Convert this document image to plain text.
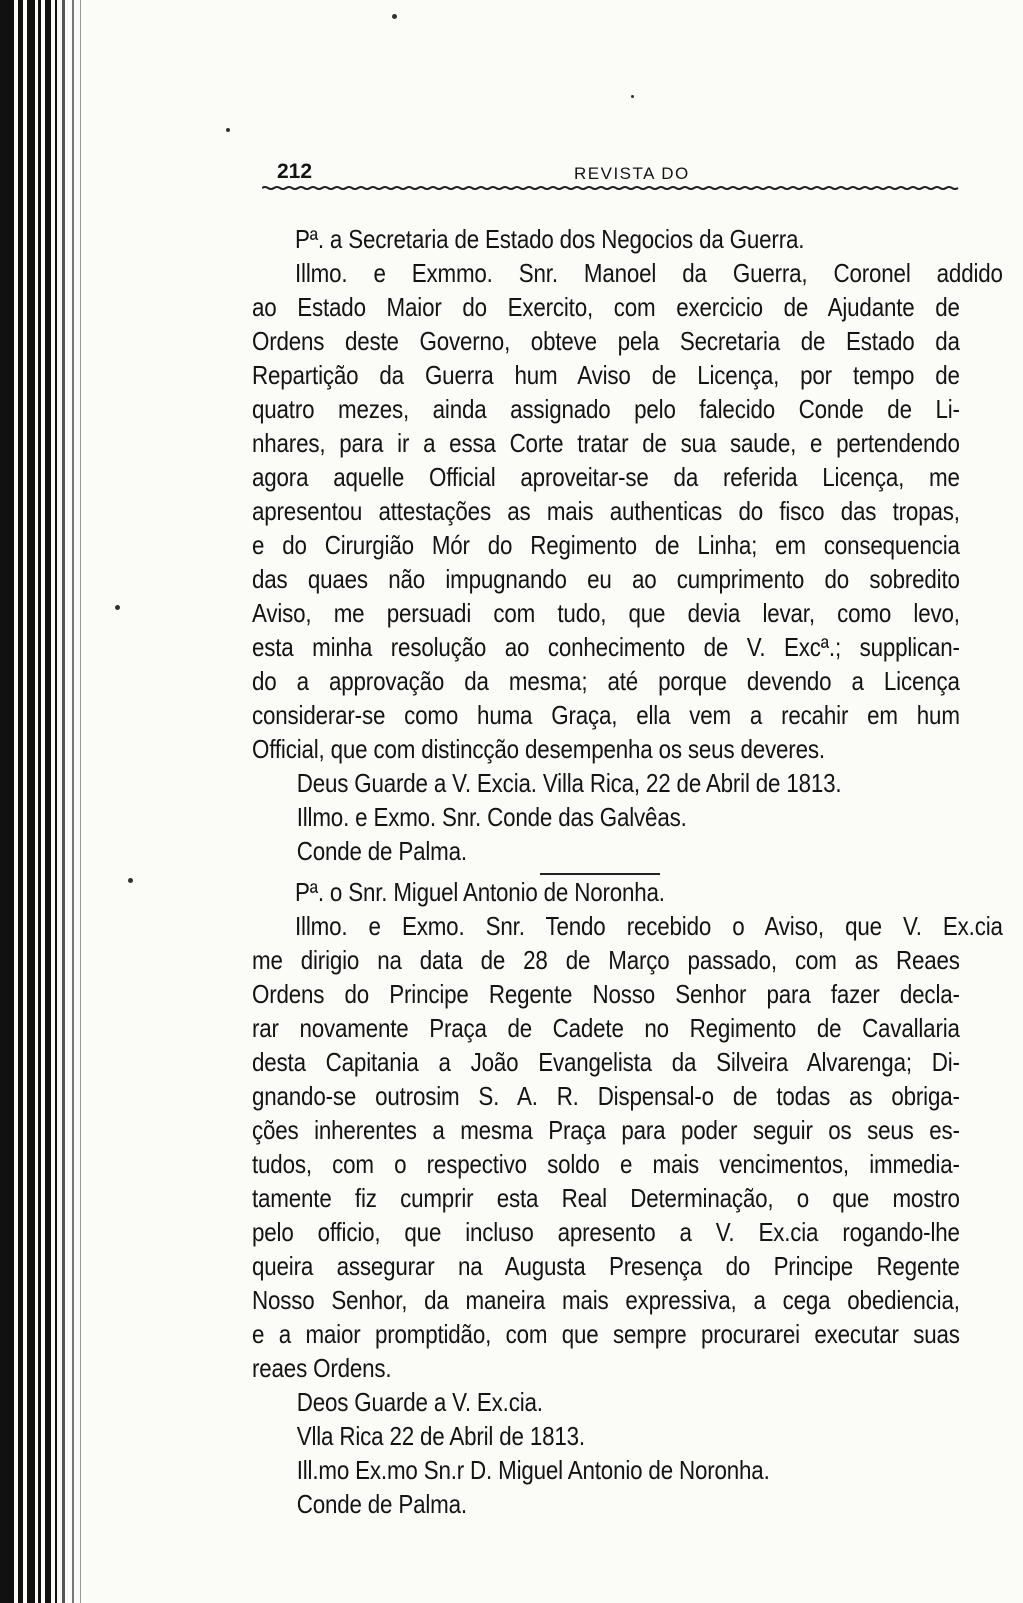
212	REVISTA DO

Pª. a Secretaria de Estado dos Negocios da Guerra.

Illmo. e Exmmo. Snr. Manoel da Guerra, Coronel addido

ao Estado Maior do Exercito, com exercicio de Ajudante de

Ordens deste Governo, obteve pela Secretaria de Estado da

Repartição da Guerra hum Aviso de Licença, por tempo de

quatro mezes, ainda assignado pelo falecido Conde de Li-

nhares, para ir a essa Corte tratar de sua saude, e pertendendo

agora aquelle Official aproveitar-se da referida Licença, me

apresentou attestações as mais authenticas do fisco das tropas,

e do Cirurgião Mór do Regimento de Linha; em consequencia

das quaes não impugnando eu ao cumprimento do sobredito

Aviso, me persuadi com tudo, que devia levar, como levo,

esta minha resolução ao conhecimento de V. Excª.; supplican-

do a approvação da mesma; até porque devendo a Licença

considerar-se como huma Graça, ella vem a recahir em hum

Official, que com distincção desempenha os seus deveres.

Deus Guarde a V. Excia. Villa Rica, 22 de Abril de 1813.

Illmo. e Exmo. Snr. Conde das Galvêas.

Conde de Palma.

Pª. o Snr. Miguel Antonio de Noronha.

Illmo. e Exmo. Snr. Tendo recebido o Aviso, que V. Ex.cia

me dirigio na data de 28 de Março passado, com as Reaes

Ordens do Principe Regente Nosso Senhor para fazer decla-

rar novamente Praça de Cadete no Regimento de Cavallaria

desta Capitania a João Evangelista da Silveira Alvarenga; Di-

gnando-se outrosim S. A. R. Dispensal-o de todas as obriga-

ções inherentes a mesma Praça para poder seguir os seus es-

tudos, com o respectivo soldo e mais vencimentos, immedia-

tamente fiz cumprir esta Real Determinação, o que mostro

pelo officio, que incluso apresento a V. Ex.cia rogando-lhe

queira assegurar na Augusta Presença do Principe Regente

Nosso Senhor, da maneira mais expressiva, a cega obediencia,

e a maior promptidão, com que sempre procurarei executar suas

reaes Ordens.

Deos Guarde a V. Ex.cia.

Vlla Rica 22 de Abril de 1813.

Ill.mo Ex.mo Sn.r D. Miguel Antonio de Noronha.

Conde de Palma.
